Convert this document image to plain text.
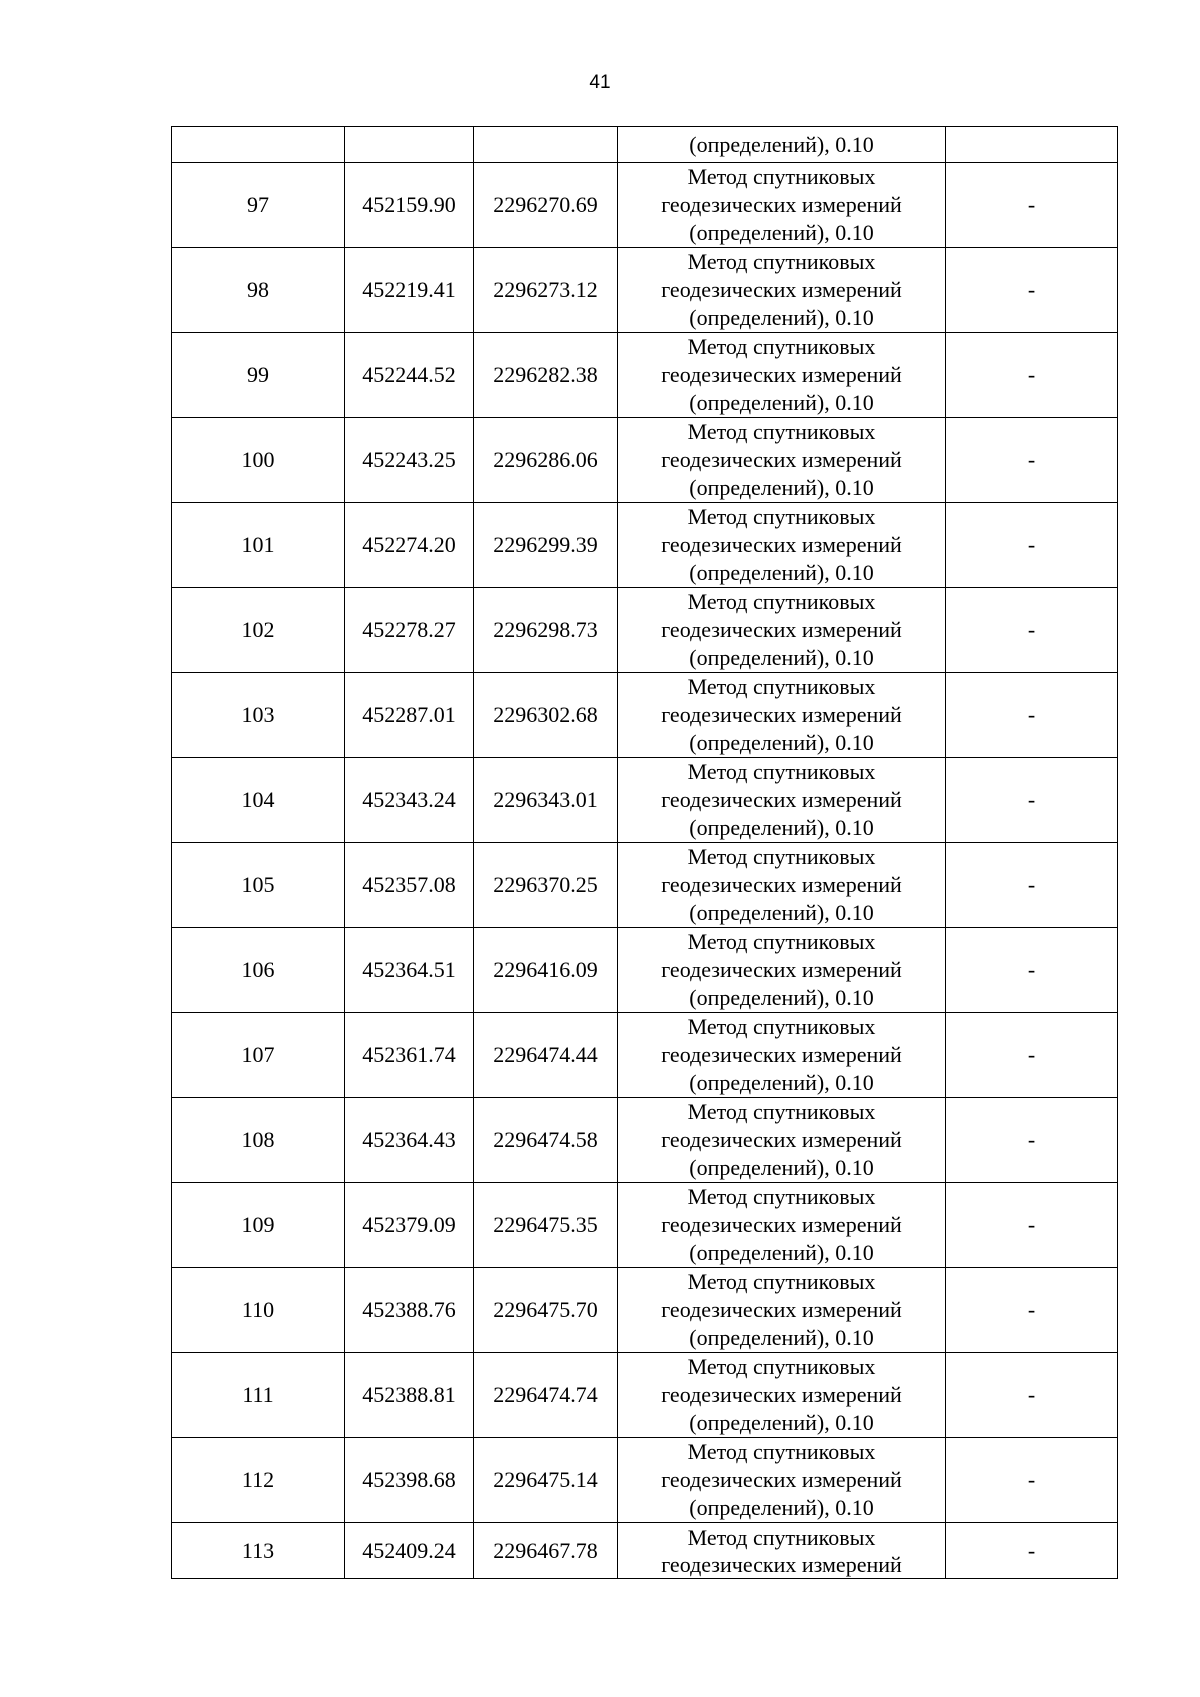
41
			(определений), 0.10	
97	452159.90	2296270.69	Метод спутниковых
геодезических измерений
(определений), 0.10	-
98	452219.41	2296273.12	Метод спутниковых
геодезических измерений
(определений), 0.10	-
99	452244.52	2296282.38	Метод спутниковых
геодезических измерений
(определений), 0.10	-
100	452243.25	2296286.06	Метод спутниковых
геодезических измерений
(определений), 0.10	-
101	452274.20	2296299.39	Метод спутниковых
геодезических измерений
(определений), 0.10	-
102	452278.27	2296298.73	Метод спутниковых
геодезических измерений
(определений), 0.10	-
103	452287.01	2296302.68	Метод спутниковых
геодезических измерений
(определений), 0.10	-
104	452343.24	2296343.01	Метод спутниковых
геодезических измерений
(определений), 0.10	-
105	452357.08	2296370.25	Метод спутниковых
геодезических измерений
(определений), 0.10	-
106	452364.51	2296416.09	Метод спутниковых
геодезических измерений
(определений), 0.10	-
107	452361.74	2296474.44	Метод спутниковых
геодезических измерений
(определений), 0.10	-
108	452364.43	2296474.58	Метод спутниковых
геодезических измерений
(определений), 0.10	-
109	452379.09	2296475.35	Метод спутниковых
геодезических измерений
(определений), 0.10	-
110	452388.76	2296475.70	Метод спутниковых
геодезических измерений
(определений), 0.10	-
111	452388.81	2296474.74	Метод спутниковых
геодезических измерений
(определений), 0.10	-
112	452398.68	2296475.14	Метод спутниковых
геодезических измерений
(определений), 0.10	-
113	452409.24	2296467.78	Метод спутниковых
геодезических измерений	-
